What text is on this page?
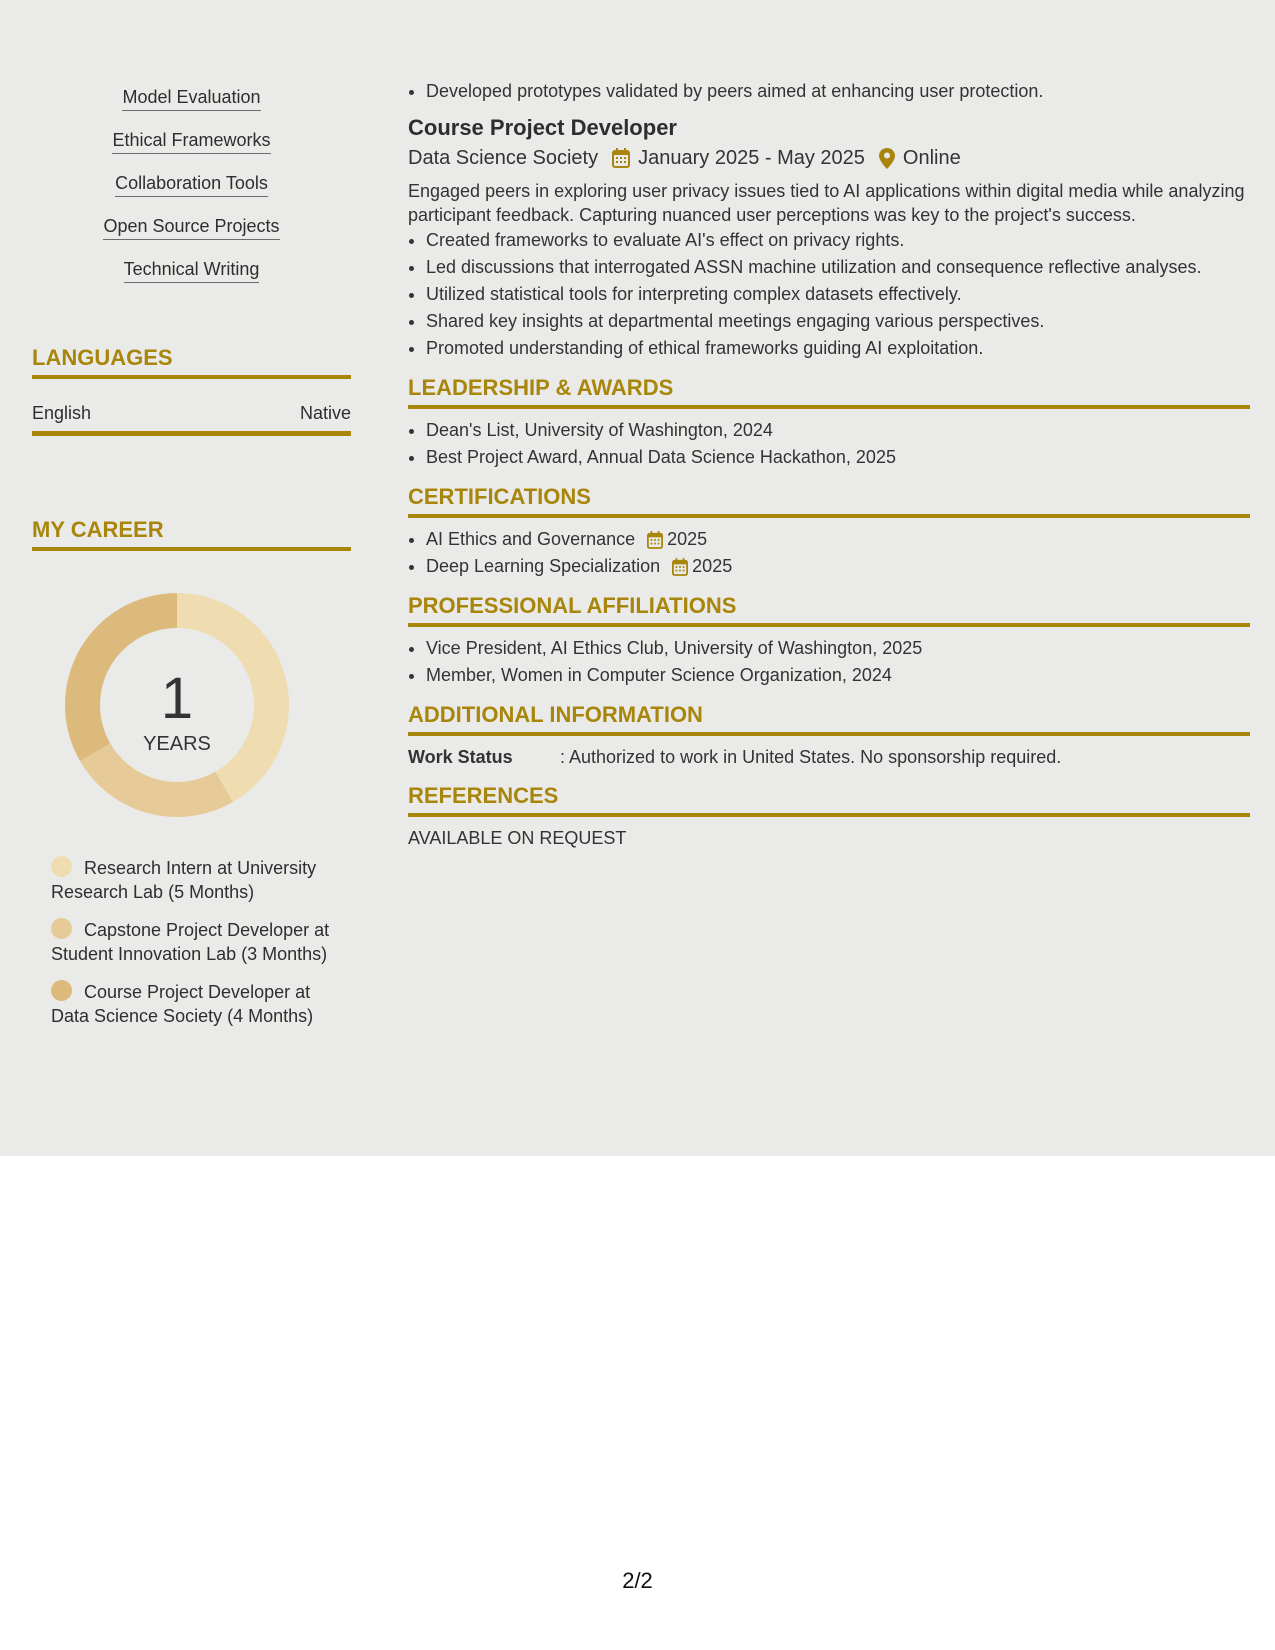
Model Evaluation
Ethical Frameworks
Collaboration Tools
Open Source Projects
Technical Writing
LANGUAGES
English	Native
MY CAREER
1
YEARS
Research Intern at University Research Lab (5 Months)
Capstone Project Developer at Student Innovation Lab (3 Months)
Course Project Developer at Data Science Society (4 Months)
• Developed prototypes validated by peers aimed at enhancing user protection.
Course Project Developer
Data Science Society January 2025 - May 2025 Online
Engaged peers in exploring user privacy issues tied to AI applications within digital media while analyzing participant feedback. Capturing nuanced user perceptions was key to the project's success.
• Created frameworks to evaluate AI's effect on privacy rights.
• Led discussions that interrogated ASSN machine utilization and consequence reflective analyses.
• Utilized statistical tools for interpreting complex datasets effectively.
• Shared key insights at departmental meetings engaging various perspectives.
• Promoted understanding of ethical frameworks guiding AI exploitation.
LEADERSHIP & AWARDS
• Dean's List, University of Washington, 2024
• Best Project Award, Annual Data Science Hackathon, 2025
CERTIFICATIONS
• AI Ethics and Governance 2025
• Deep Learning Specialization 2025
PROFESSIONAL AFFILIATIONS
• Vice President, AI Ethics Club, University of Washington, 2025
• Member, Women in Computer Science Organization, 2024
ADDITIONAL INFORMATION
Work Status	: Authorized to work in United States. No sponsorship required.
REFERENCES
AVAILABLE ON REQUEST
2/2
